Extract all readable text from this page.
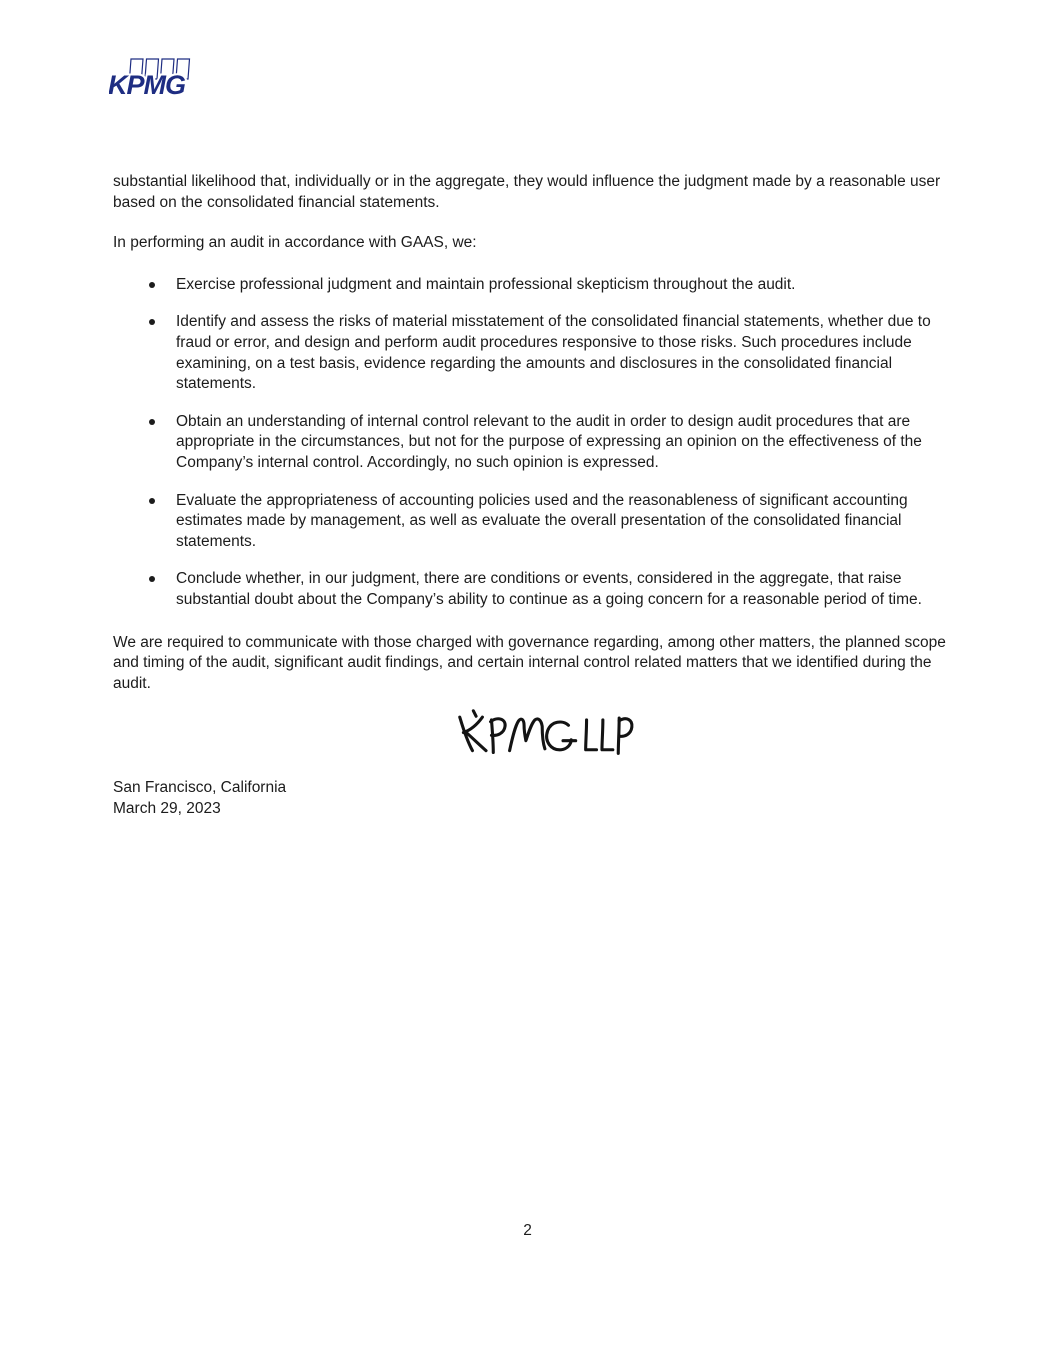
KPMG

substantial likelihood that, individually or in the aggregate, they would influence the judgment made by a reasonable user based on the consolidated financial statements.

In performing an audit in accordance with GAAS, we:

Exercise professional judgment and maintain professional skepticism throughout the audit.
Identify and assess the risks of material misstatement of the consolidated financial statements, whether due to fraud or error, and design and perform audit procedures responsive to those risks. Such procedures include examining, on a test basis, evidence regarding the amounts and disclosures in the consolidated financial statements.
Obtain an understanding of internal control relevant to the audit in order to design audit procedures that are appropriate in the circumstances, but not for the purpose of expressing an opinion on the effectiveness of the Company’s internal control. Accordingly, no such opinion is expressed.
Evaluate the appropriateness of accounting policies used and the reasonableness of significant accounting estimates made by management, as well as evaluate the overall presentation of the consolidated financial statements.
Conclude whether, in our judgment, there are conditions or events, considered in the aggregate, that raise substantial doubt about the Company’s ability to continue as a going concern for a reasonable period of time.

We are required to communicate with those charged with governance regarding, among other matters, the planned scope and timing of the audit, significant audit findings, and certain internal control related matters that we identified during the audit.

San Francisco, California
March 29, 2023
2
